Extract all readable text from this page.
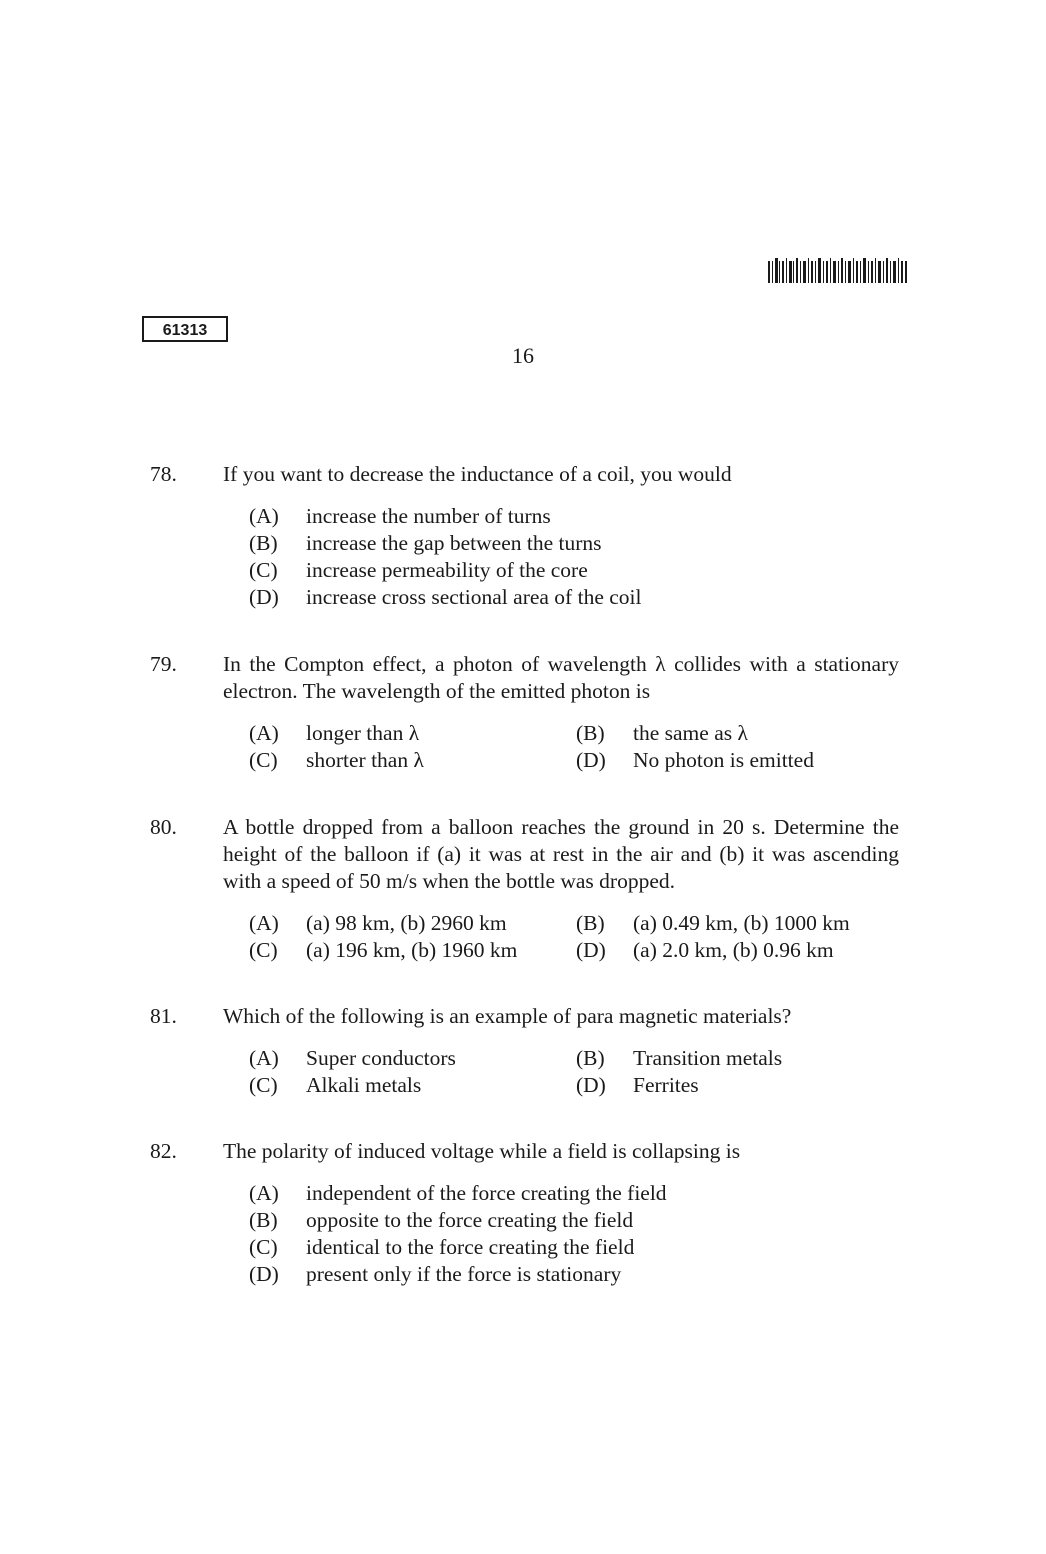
61313
16
78. If you want to decrease the inductance of a coil, you would
(A)	increase the number of turns
(B)	increase the gap between the turns
(C)	increase permeability of the core
(D)	increase cross sectional area of the coil
79. In the Compton effect, a photon of wavelength λ collides with a stationary electron. The wavelength of the emitted photon is
(A)	longer than λ	(B)	the same as λ
(C)	shorter than λ	(D)	No photon is emitted
80. A bottle dropped from a balloon reaches the ground in 20 s. Determine the height of the balloon if (a) it was at rest in the air and (b) it was ascending with a speed of 50 m/s when the bottle was dropped.
(A)	(a) 98 km, (b) 2960 km	(B)	(a) 0.49 km, (b) 1000 km
(C)	(a) 196 km, (b) 1960 km	(D)	(a) 2.0 km, (b) 0.96 km
81. Which of the following is an example of para magnetic materials?
(A)	Super conductors	(B)	Transition metals
(C)	Alkali metals	(D)	Ferrites
82. The polarity of induced voltage while a field is collapsing is
(A)	independent of the force creating the field
(B)	opposite to the force creating the field
(C)	identical to the force creating the field
(D)	present only if the force is stationary
